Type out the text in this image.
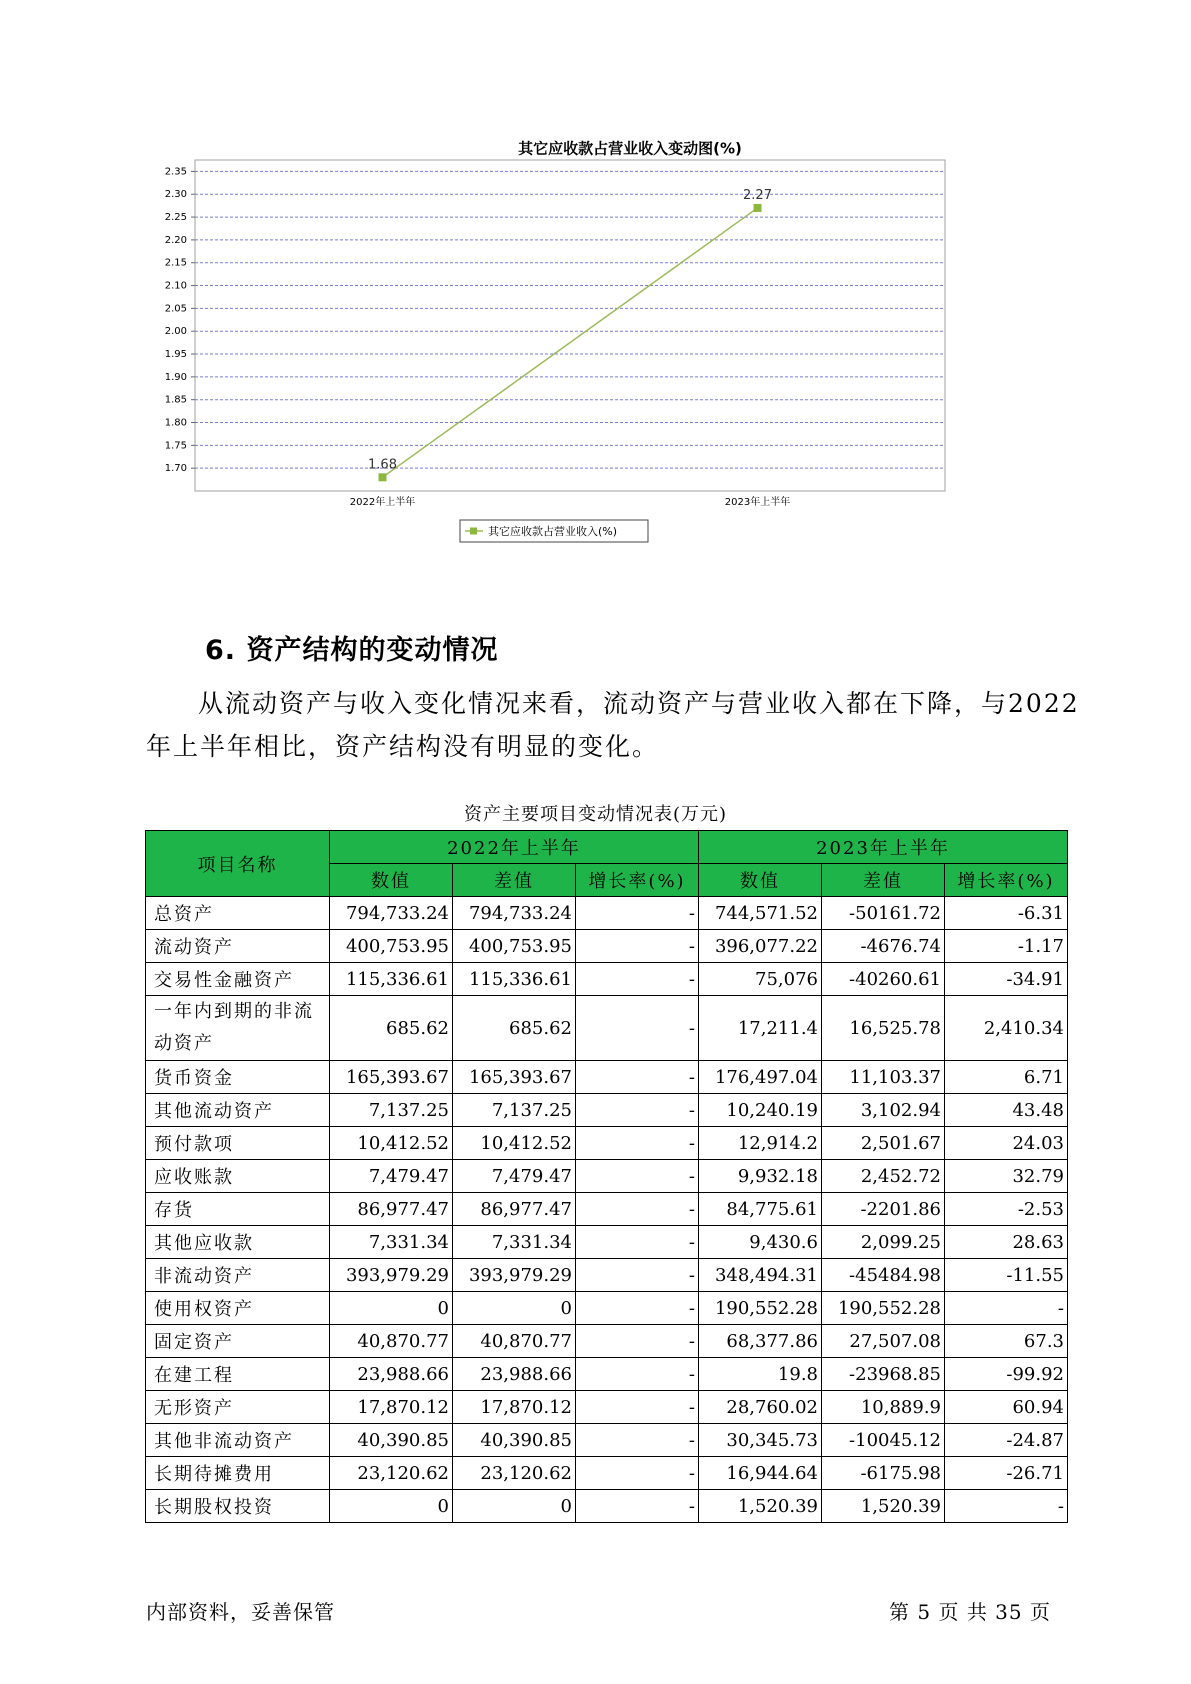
其它应收款占营业收入变动图(%)
1.70
1.75
1.80
1.85
1.90
1.95
2.00
2.05
2.10
2.15
2.20
2.25
2.30
2.35
2022年上半年	2023年上半年
1.68
2.27
其它应收款占营业收入(%)
6. 资产结构的变动情况
从流动资产与收入变化情况来看，流动资产与营业收入都在下降，与2022年上半年相比，资产结构没有明显的变化。
资产主要项目变动情况表(万元)
项目名称	2022年上半年			2023年上半年		
	数值	差值	增长率(%)	数值	差值	增长率(%)
总资产	794,733.24	794,733.24	-	744,571.52	-50161.72	-6.31
流动资产	400,753.95	400,753.95	-	396,077.22	-4676.74	-1.17
交易性金融资产	115,336.61	115,336.61	-	75,076	-40260.61	-34.91
一年内到期的非流动资产	685.62	685.62	-	17,211.4	16,525.78	2,410.34
货币资金	165,393.67	165,393.67	-	176,497.04	11,103.37	6.71
其他流动资产	7,137.25	7,137.25	-	10,240.19	3,102.94	43.48
预付款项	10,412.52	10,412.52	-	12,914.2	2,501.67	24.03
应收账款	7,479.47	7,479.47	-	9,932.18	2,452.72	32.79
存货	86,977.47	86,977.47	-	84,775.61	-2201.86	-2.53
其他应收款	7,331.34	7,331.34	-	9,430.6	2,099.25	28.63
非流动资产	393,979.29	393,979.29	-	348,494.31	-45484.98	-11.55
使用权资产	0	0	-	190,552.28	190,552.28	-
固定资产	40,870.77	40,870.77	-	68,377.86	27,507.08	67.3
在建工程	23,988.66	23,988.66	-	19.8	-23968.85	-99.92
无形资产	17,870.12	17,870.12	-	28,760.02	10,889.9	60.94
其他非流动资产	40,390.85	40,390.85	-	30,345.73	-10045.12	-24.87
长期待摊费用	23,120.62	23,120.62	-	16,944.64	-6175.98	-26.71
长期股权投资	0	0	-	1,520.39	1,520.39	-
内部资料，妥善保管	第 5 页 共 35 页
